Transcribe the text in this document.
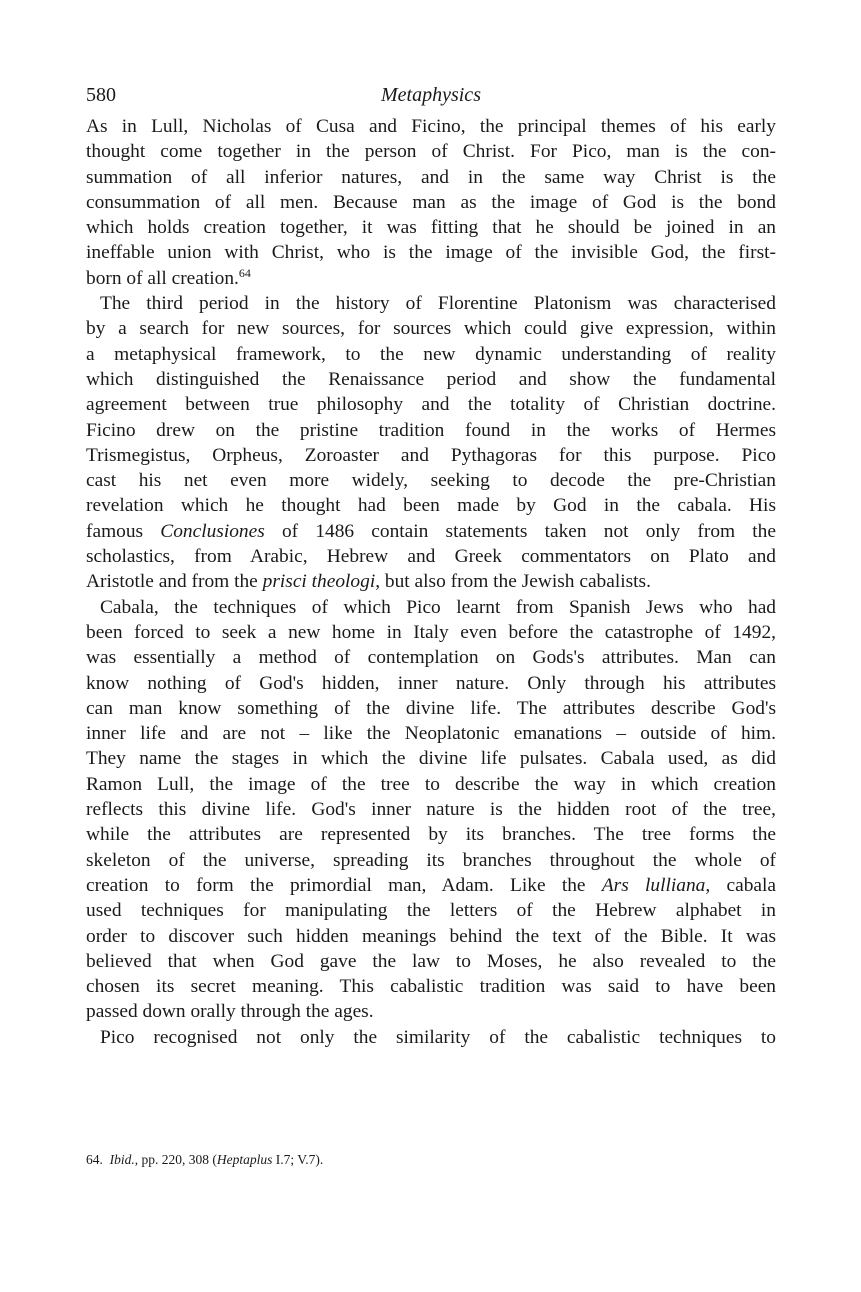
580	Metaphysics

As in Lull, Nicholas of Cusa and Ficino, the principal themes of his early
thought come together in the person of Christ. For Pico, man is the con-
summation of all inferior natures, and in the same way Christ is the
consummation of all men. Because man as the image of God is the bond
which holds creation together, it was fitting that he should be joined in an
ineffable union with Christ, who is the image of the invisible God, the first-
born of all creation.$^{64}$

The third period in the history of Florentine Platonism was characterised
by a search for new sources, for sources which could give expression, within
a metaphysical framework, to the new dynamic understanding of reality
which distinguished the Renaissance period and show the fundamental
agreement between true philosophy and the totality of Christian doctrine.
Ficino drew on the pristine tradition found in the works of Hermes
Trismegistus, Orpheus, Zoroaster and Pythagoras for this purpose. Pico
cast his net even more widely, seeking to decode the pre-Christian
revelation which he thought had been made by God in the cabala. His
famous Conclusiones of 1486 contain statements taken not only from the
scholastics, from Arabic, Hebrew and Greek commentators on Plato and
Aristotle and from the prisci theologi, but also from the Jewish cabalists.

Cabala, the techniques of which Pico learnt from Spanish Jews who had
been forced to seek a new home in Italy even before the catastrophe of 1492,
was essentially a method of contemplation on Gods's attributes. Man can
know nothing of God's hidden, inner nature. Only through his attributes
can man know something of the divine life. The attributes describe God's
inner life and are not – like the Neoplatonic emanations – outside of him.
They name the stages in which the divine life pulsates. Cabala used, as did
Ramon Lull, the image of the tree to describe the way in which creation
reflects this divine life. God's inner nature is the hidden root of the tree,
while the attributes are represented by its branches. The tree forms the
skeleton of the universe, spreading its branches throughout the whole of
creation to form the primordial man, Adam. Like the Ars lulliana, cabala
used techniques for manipulating the letters of the Hebrew alphabet in
order to discover such hidden meanings behind the text of the Bible. It was
believed that when God gave the law to Moses, he also revealed to the
chosen its secret meaning. This cabalistic tradition was said to have been
passed down orally through the ages.

Pico recognised not only the similarity of the cabalistic techniques to

64. Ibid., pp. 220, 308 (Heptaplus I.7; V.7).
